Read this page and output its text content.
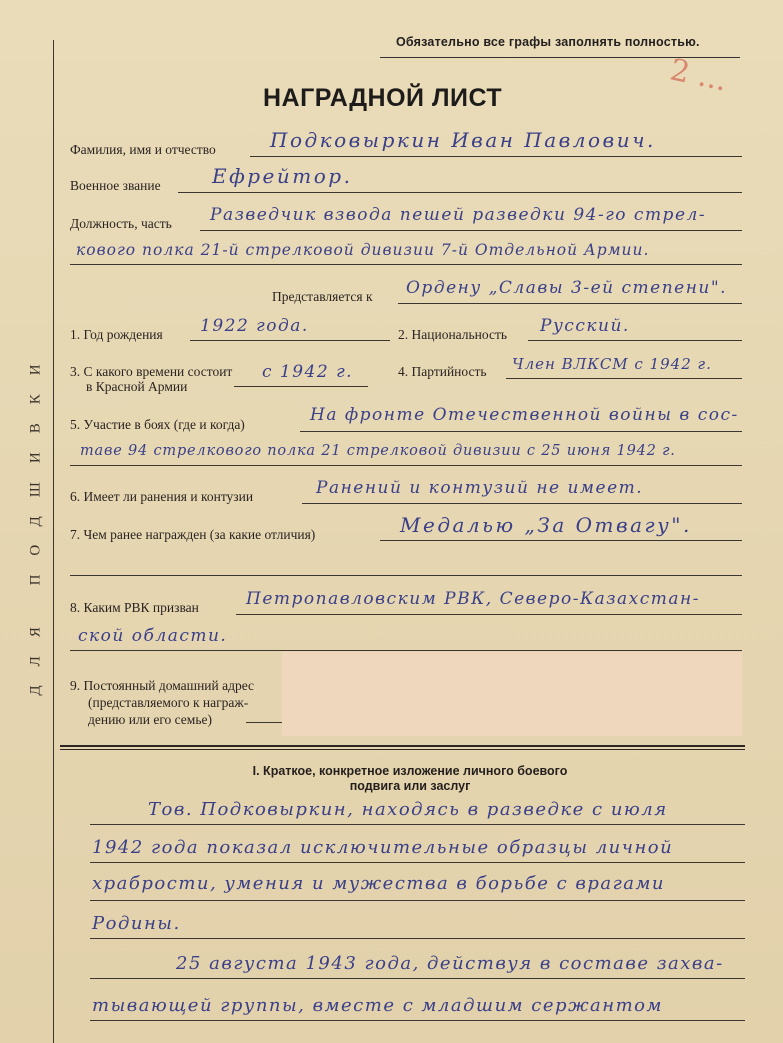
ДЛЯ ПОДШИВКИ
Обязательно все графы заполнять полностью.
НАГРАДНОЙ ЛИСТ	2 ...
Фамилия, имя и отчество	Подковыркин Иван Павлович.
Военное звание	Ефрейтор.
Должность, часть Разведчик взвода пешей разведки 94-го стрел-
кового полка 21-й стрелковой дивизии 7-й Отдельной Армии.
Представляется к Ордену „Славы 3-ей степени".
1. Год рождения 1922 года.	2. Национальность Русский.
3. С какого времени состоит
в Красной Армии
с 1942 г.	4. Партийность Член ВЛКСМ с 1942 г.
5. Участие в боях (где и когда)	На фронте Отечественной войны в сос-
таве 94 стрелкового полка 21 стрелковой дивизии с 25 июня 1942 г.
6. Имеет ли ранения и контузии	Ранений и контузий не имеет.
7. Чем ранее награжден (за какие отличия)	Медалью „За Отвагу".
8. Каким РВК призван	Петропавловским РВК, Северо-Казахстан-
ской области.
9. Постоянный домашний адрес
(представляемого к награж-
дению или его семье)
I. Краткое, конкретное изложение личного боевого
подвига или заслуг
Тов. Подковыркин, находясь в разведке с июля
1942 года показал исключительные образцы личной
храбрости, умения и мужества в борьбе с врагами
Родины.
25 августа 1943 года, действуя в составе захва-
тывающей группы, вместе с младшим сержантом
